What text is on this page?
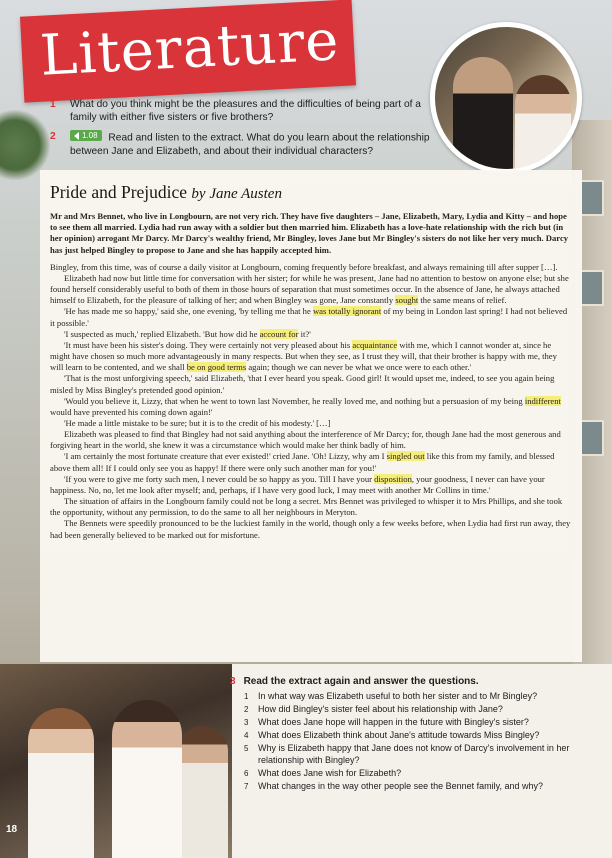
Literature
1 What do you think might be the pleasures and the difficulties of being part of a family with either five sisters or five brothers?
2	1.08 Read and listen to the extract. What do you learn about the relationship between Jane and Elizabeth, and about their individual characters?
Pride and Prejudice by Jane Austen
Mr and Mrs Bennet, who live in Longbourn, are not very rich. They have five daughters – Jane, Elizabeth, Mary, Lydia and Kitty – and hope to see them all married. Lydia had run away with a soldier but then married him. Elizabeth has a love-hate relationship with the rich but (in her opinion) arrogant Mr Darcy. Mr Darcy's wealthy friend, Mr Bingley, loves Jane but Mr Bingley's sisters do not like her very much. Darcy has just helped Bingley to propose to Jane and she has happily accepted him.

Bingley, from this time, was of course a daily visitor at Longbourn, coming frequently before breakfast, and always remaining till after supper […].

Elizabeth had now but little time for conversation with her sister; for while he was present, Jane had no attention to bestow on anyone else; but she found herself considerably useful to both of them in those hours of separation that must sometimes occur. In the absence of Jane, he always attached himself to Elizabeth, for the pleasure of talking of her; and when Bingley was gone, Jane constantly sought the same means of relief.

'He has made me so happy,' said she, one evening, 'by telling me that he was totally ignorant of my being in London last spring! I had not believed it possible.'

'I suspected as much,' replied Elizabeth. 'But how did he account for it?'

'It must have been his sister's doing. They were certainly not very pleased about his acquaintance with me, which I cannot wonder at, since he might have chosen so much more advantageously in many respects. But when they see, as I trust they will, that their brother is happy with me, they will learn to be contented, and we shall be on good terms again; though we can never be what we once were to each other.'

'That is the most unforgiving speech,' said Elizabeth, 'that I ever heard you speak. Good girl! It would upset me, indeed, to see you again being misled by Miss Bingley's pretended good opinion.'

'Would you believe it, Lizzy, that when he went to town last November, he really loved me, and nothing but a persuasion of my being indifferent would have prevented his coming down again!'

'He made a little mistake to be sure; but it is to the credit of his modesty.' […]

Elizabeth was pleased to find that Bingley had not said anything about the interference of Mr Darcy; for, though Jane had the most generous and forgiving heart in the world, she knew it was a circumstance which would make her think badly of him.

'I am certainly the most fortunate creature that ever existed!' cried Jane. 'Oh! Lizzy, why am I singled out like this from my family, and blessed above them all! If I could only see you as happy! If there were only such another man for you!'

'If you were to give me forty such men, I never could be so happy as you. Till I have your disposition, your goodness, I never can have your happiness. No, no, let me look after myself; and, perhaps, if I have very good luck, I may meet with another Mr Collins in time.'

The situation of affairs in the Longbourn family could not be long a secret. Mrs Bennet was privileged to whisper it to Mrs Phillips, and she took the opportunity, without any permission, to do the same to all her neighbours in Meryton.

The Bennets were speedily pronounced to be the luckiest family in the world, though only a few weeks before, when Lydia had first run away, they had been generally believed to be marked out for misfortune.

18
3 Read the extract again and answer the questions.
1 In what way was Elizabeth useful to both her sister and to Mr Bingley?
2 How did Bingley's sister feel about his relationship with Jane?
3 What does Jane hope will happen in the future with Bingley's sister?
4 What does Elizabeth think about Jane's attitude towards Miss Bingley?
5 Why is Elizabeth happy that Jane does not know of Darcy's involvement in her relationship with Bingley?
6 What does Jane wish for Elizabeth?
7 What changes in the way other people see the Bennet family, and why?
